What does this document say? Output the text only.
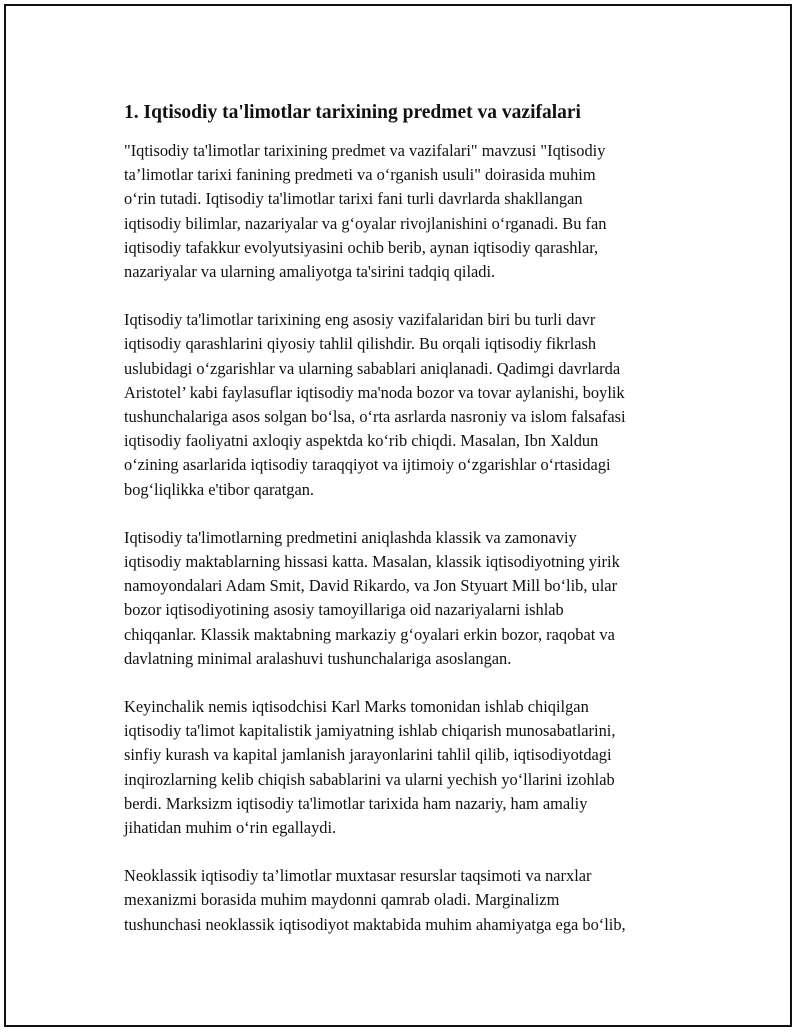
1. Iqtisodiy ta'limotlar tarixining predmet va vazifalari
"Iqtisodiy ta'limotlar tarixining predmet va vazifalari" mavzusi "Iqtisodiy
ta’limotlar tarixi fanining predmeti va o‘rganish usuli" doirasida muhim
o‘rin tutadi. Iqtisodiy ta'limotlar tarixi fani turli davrlarda shakllangan
iqtisodiy bilimlar, nazariyalar va g‘oyalar rivojlanishini o‘rganadi. Bu fan
iqtisodiy tafakkur evolyutsiyasini ochib berib, aynan iqtisodiy qarashlar,
nazariyalar va ularning amaliyotga ta'sirini tadqiq qiladi.
Iqtisodiy ta'limotlar tarixining eng asosiy vazifalaridan biri bu turli davr
iqtisodiy qarashlarini qiyosiy tahlil qilishdir. Bu orqali iqtisodiy fikrlash
uslubidagi o‘zgarishlar va ularning sabablari aniqlanadi. Qadimgi davrlarda
Aristotel’ kabi faylasuflar iqtisodiy ma'noda bozor va tovar aylanishi, boylik
tushunchalariga asos solgan bo‘lsa, o‘rta asrlarda nasroniy va islom falsafasi
iqtisodiy faoliyatni axloqiy aspektda ko‘rib chiqdi. Masalan, Ibn Xaldun
o‘zining asarlarida iqtisodiy taraqqiyot va ijtimoiy o‘zgarishlar o‘rtasidagi
bog‘liqlikka e'tibor qaratgan.
Iqtisodiy ta'limotlarning predmetini aniqlashda klassik va zamonaviy
iqtisodiy maktablarning hissasi katta. Masalan, klassik iqtisodiyotning yirik
namoyondalari Adam Smit, David Rikardo, va Jon Styuart Mill bo‘lib, ular
bozor iqtisodiyotining asosiy tamoyillariga oid nazariyalarni ishlab
chiqqanlar. Klassik maktabning markaziy g‘oyalari erkin bozor, raqobat va
davlatning minimal aralashuvi tushunchalariga asoslangan.
Keyinchalik nemis iqtisodchisi Karl Marks tomonidan ishlab chiqilgan
iqtisodiy ta'limot kapitalistik jamiyatning ishlab chiqarish munosabatlarini,
sinfiy kurash va kapital jamlanish jarayonlarini tahlil qilib, iqtisodiyotdagi
inqirozlarning kelib chiqish sabablarini va ularni yechish yo‘llarini izohlab
berdi. Marksizm iqtisodiy ta'limotlar tarixida ham nazariy, ham amaliy
jihatidan muhim o‘rin egallaydi.
Neoklassik iqtisodiy ta’limotlar muxtasar resurslar taqsimoti va narxlar
mexanizmi borasida muhim maydonni qamrab oladi. Marginalizm
tushunchasi neoklassik iqtisodiyot maktabida muhim ahamiyatga ega bo‘lib,
